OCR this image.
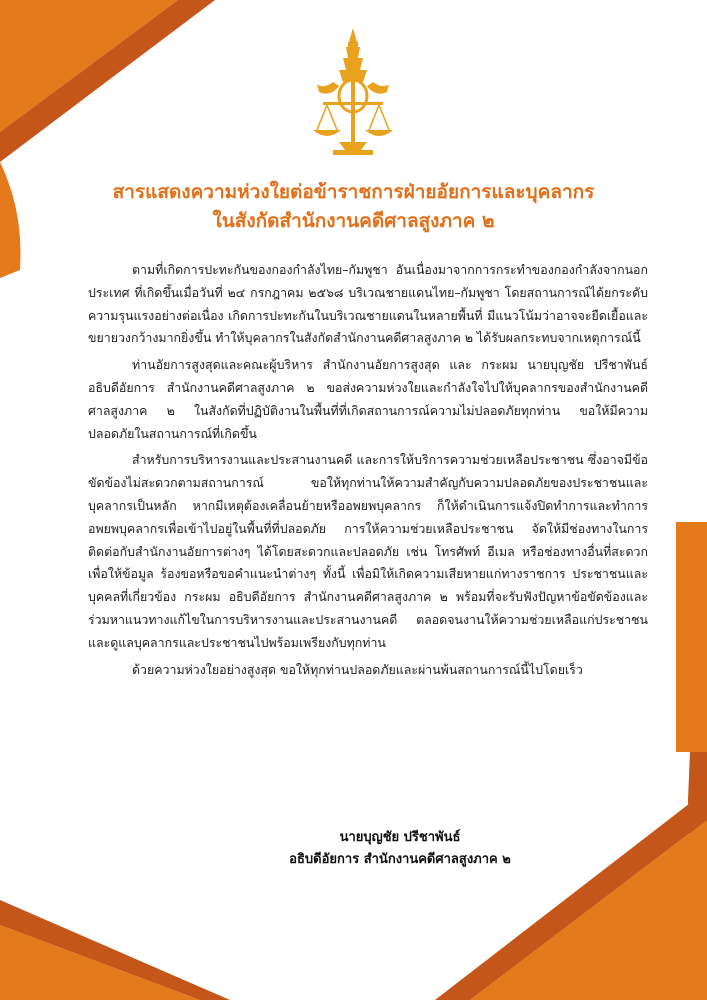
สารแสดงความห่วงใยต่อข้าราชการฝ่ายอัยการและบุคลากร
ในสังกัดสำนักงานคดีศาลสูงภาค ๒

ตามที่เกิดการปะทะกันของกองกำลังไทย–กัมพูชา อันเนื่องมาจากการกระทำของกองกำลังจากนอกประเทศ ที่เกิดขึ้นเมื่อวันที่ ๒๔ กรกฎาคม ๒๕๖๘ บริเวณชายแดนไทย–กัมพูชา โดยสถานการณ์ได้ยกระดับความรุนแรงอย่างต่อเนื่อง เกิดการปะทะกันในบริเวณชายแดนในหลายพื้นที่ มีแนวโน้มว่าอาจจะยืดเยื้อและขยายวงกว้างมากยิ่งขึ้น ทำให้บุคลากรในสังกัดสำนักงานคดีศาลสูงภาค ๒ ได้รับผลกระทบจากเหตุการณ์นี้

ท่านอัยการสูงสุดและคณะผู้บริหาร สำนักงานอัยการสูงสุด และ กระผม นายบุญชัย ปรีชาพันธ์ อธิบดีอัยการ สำนักงานคดีศาลสูงภาค ๒ ขอส่งความห่วงใยและกำลังใจไปให้บุคลากรของสำนักงานคดีศาลสูงภาค ๒ ในสังกัดที่ปฏิบัติงานในพื้นที่ที่เกิดสถานการณ์ความไม่ปลอดภัยทุกท่าน ขอให้มีความปลอดภัยในสถานการณ์ที่เกิดขึ้น

สำหรับการบริหารงานและประสานงานคดี และการให้บริการความช่วยเหลือประชาชน ซึ่งอาจมีข้อขัดข้องไม่สะดวกตามสถานการณ์ ขอให้ทุกท่านให้ความสำคัญกับความปลอดภัยของประชาชนและบุคลากรเป็นหลัก หากมีเหตุต้องเคลื่อนย้ายหรืออพยพบุคลากร ก็ให้ดำเนินการแจ้งปิดทำการและทำการอพยพบุคลากรเพื่อเข้าไปอยู่ในพื้นที่ที่ปลอดภัย การให้ความช่วยเหลือประชาชน จัดให้มีช่องทางในการติดต่อกับสำนักงานอัยการต่างๆ ได้โดยสะดวกและปลอดภัย เช่น โทรศัพท์ อีเมล หรือช่องทางอื่นที่สะดวก เพื่อให้ข้อมูล ร้องขอหรือขอคำแนะนำต่างๆ ทั้งนี้ เพื่อมิให้เกิดความเสียหายแก่ทางราชการ ประชาชนและบุคคลที่เกี่ยวข้อง กระผม อธิบดีอัยการ สำนักงานคดีศาลสูงภาค ๒ พร้อมที่จะรับฟังปัญหาข้อขัดข้องและร่วมหาแนวทางแก้ไขในการบริหารงานและประสานงานคดี ตลอดจนงานให้ความช่วยเหลือแก่ประชาชนและดูแลบุคลากรและประชาชนไปพร้อมเพรียงกับทุกท่าน

ด้วยความห่วงใยอย่างสูงสุด ขอให้ทุกท่านปลอดภัยและผ่านพ้นสถานการณ์นี้ไปโดยเร็ว

นายบุญชัย ปรีชาพันธ์
อธิบดีอัยการ สำนักงานคดีศาลสูงภาค ๒
